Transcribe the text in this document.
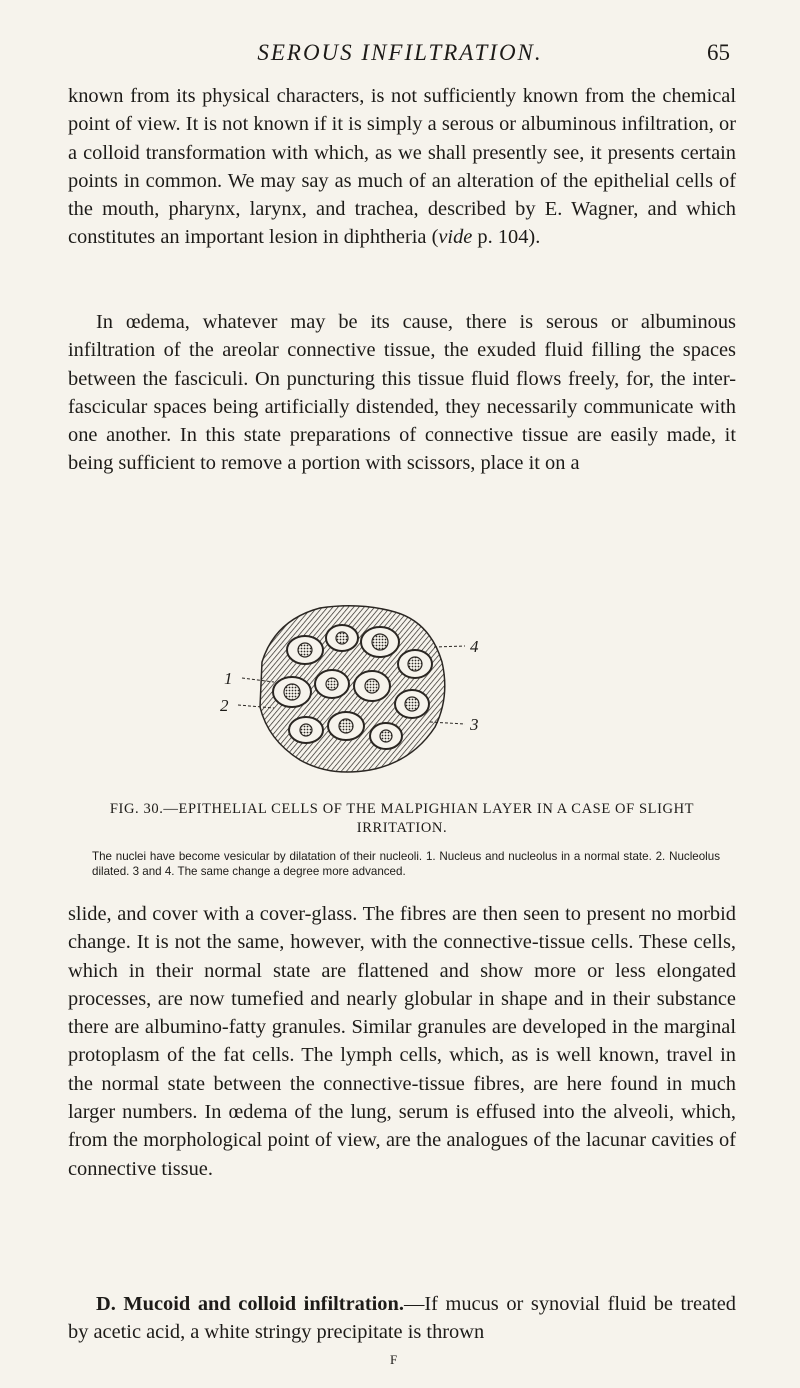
SEROUS INFILTRATION.	65

known from its physical characters, is not sufficiently known from the chemical point of view. It is not known if it is simply a serous or albuminous infiltration, or a colloid transformation with which, as we shall presently see, it presents certain points in common. We may say as much of an alteration of the epithelial cells of the mouth, pharynx, larynx, and trachea, described by E. Wagner, and which constitutes an important lesion in diphtheria (vide p. 104).

In œdema, whatever may be its cause, there is serous or albuminous infiltration of the areolar connective tissue, the exuded fluid filling the spaces between the fasciculi. On puncturing this tissue fluid flows freely, for, the inter-fascicular spaces being artificially distended, they necessarily communicate with one another. In this state preparations of connective tissue are easily made, it being sufficient to remove a portion with scissors, place it on a

4
1
2
3

FIG. 30.—EPITHELIAL CELLS OF THE MALPIGHIAN LAYER IN A CASE OF SLIGHT IRRITATION.

The nuclei have become vesicular by dilatation of their nucleoli. 1. Nucleus and nucleolus in a normal state. 2. Nucleolus dilated. 3 and 4. The same change a degree more advanced.

slide, and cover with a cover-glass. The fibres are then seen to present no morbid change. It is not the same, however, with the connective-tissue cells. These cells, which in their normal state are flattened and show more or less elongated processes, are now tumefied and nearly globular in shape and in their substance there are albumino-fatty granules. Similar granules are developed in the marginal protoplasm of the fat cells. The lymph cells, which, as is well known, travel in the normal state between the connective-tissue fibres, are here found in much larger numbers. In œdema of the lung, serum is effused into the alveoli, which, from the morphological point of view, are the analogues of the lacunar cavities of connective tissue.

D. Mucoid and colloid infiltration.—If mucus or synovial fluid be treated by acetic acid, a white stringy precipitate is thrown

F
